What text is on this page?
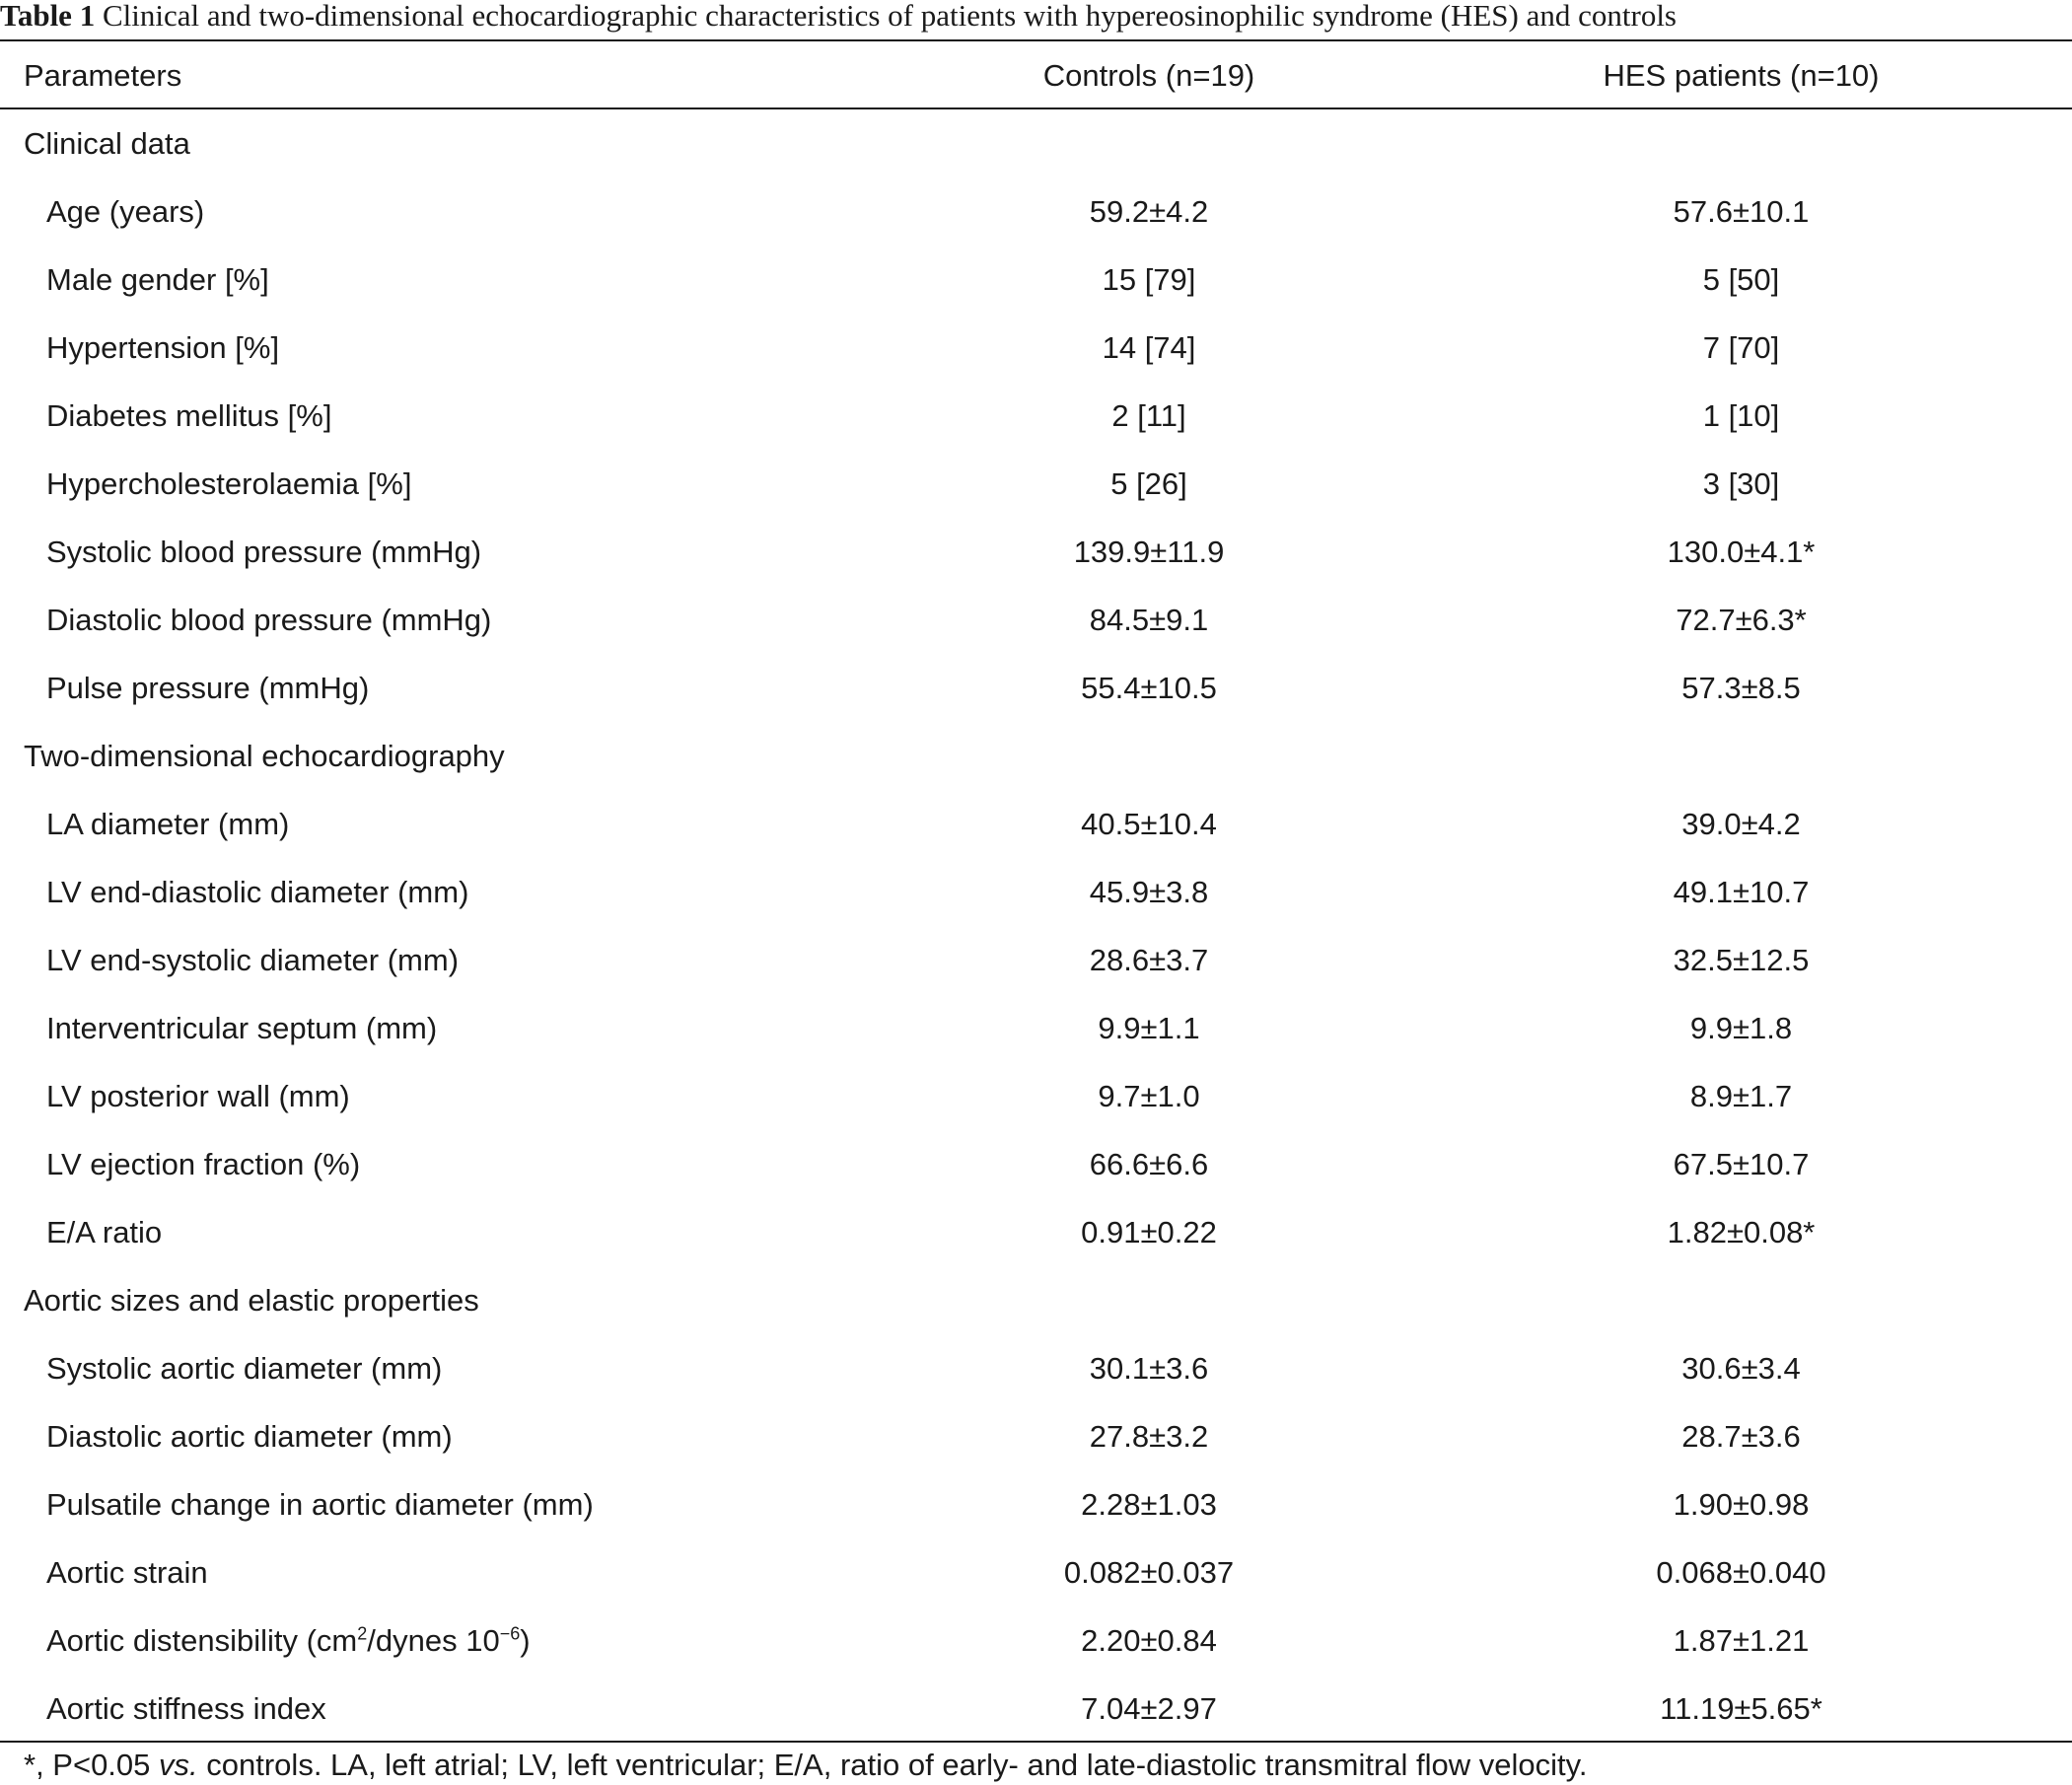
Table 1 Clinical and two-dimensional echocardiographic characteristics of patients with hypereosinophilic syndrome (HES) and controls
Parameters	Controls (n=19)	HES patients (n=10)
Clinical data		
Age (years)	59.2±4.2	57.6±10.1
Male gender [%]	15 [79]	5 [50]
Hypertension [%]	14 [74]	7 [70]
Diabetes mellitus [%]	2 [11]	1 [10]
Hypercholesterolaemia [%]	5 [26]	3 [30]
Systolic blood pressure (mmHg)	139.9±11.9	130.0±4.1*
Diastolic blood pressure (mmHg)	84.5±9.1	72.7±6.3*
Pulse pressure (mmHg)	55.4±10.5	57.3±8.5
Two-dimensional echocardiography		
LA diameter (mm)	40.5±10.4	39.0±4.2
LV end-diastolic diameter (mm)	45.9±3.8	49.1±10.7
LV end-systolic diameter (mm)	28.6±3.7	32.5±12.5
Interventricular septum (mm)	9.9±1.1	9.9±1.8
LV posterior wall (mm)	9.7±1.0	8.9±1.7
LV ejection fraction (%)	66.6±6.6	67.5±10.7
E/A ratio	0.91±0.22	1.82±0.08*
Aortic sizes and elastic properties		
Systolic aortic diameter (mm)	30.1±3.6	30.6±3.4
Diastolic aortic diameter (mm)	27.8±3.2	28.7±3.6
Pulsatile change in aortic diameter (mm)	2.28±1.03	1.90±0.98
Aortic strain	0.082±0.037	0.068±0.040
Aortic distensibility ($cm^2$/dynes $10^{-6}$)	2.20±0.84	1.87±1.21
Aortic stiffness index	7.04±2.97	11.19±5.65*
*, P<0.05 vs. controls. LA, left atrial; LV, left ventricular; E/A, ratio of early- and late-diastolic transmitral flow velocity.
